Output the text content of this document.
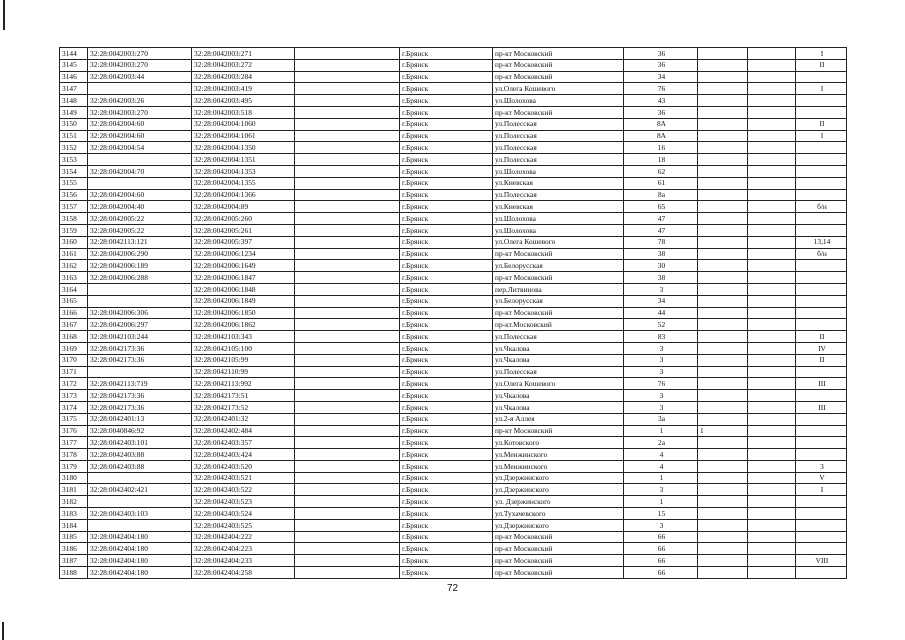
3144	32:28:0042003:270	32:28:0042003:271		г.Брянск	пр-кт Московский	36			I
3145	32:28:0042003:270	32:28:0042003:272		г.Брянск	пр-кт Московский	36			II
3146	32:28:0042003:44	32:28:0042003:284		г.Брянск	пр-кт Московский	34			
3147		32:28:0042003:419		г.Брянск	ул.Олега Кошевого	76			I
3148	32:28:0042003:26	32:28:0042003:495		г.Брянск	ул.Шолохова	43			
3149	32:28:0042003:270	32:28:0042003:518		г.Брянск	пр-кт Московский	36			
3150	32:28:0042004:60	32:28:0042004:1060		г.Брянск	ул.Полесская	8А			II
3151	32:28:0042004:60	32:28:0042004:1061		г.Брянск	ул.Полесская	8А			I
3152	32:28:0042004:54	32:28:0042004:1350		г.Брянск	ул.Полесская	16			
3153		32:28:0042004:1351		г.Брянск	ул.Полесская	18			
3154	32:28:0042004:70	32:28:0042004:1353		г.Брянск	ул.Шолохова	62			
3155		32:28:0042004:1355		г.Брянск	ул.Киевская	61			
3156	32:28:0042004:60	32:28:0042004:1366		г.Брянск	ул.Полесская	8а			
3157	32:28:0042004:40	32:28:0042004:89		г.Брянск	ул.Киевская	65			б/н
3158	32:28:0042005:22	32:28:0042005:260		г.Брянск	ул.Шолохова	47			
3159	32:28:0042005:22	32:28:0042005:261		г.Брянск	ул.Шолохова	47			
3160	32:28:0042113:121	32:28:0042005:397		г.Брянск	ул.Олега Кошевого	78			13,14
3161	32:28:0042006:290	32:28:0042006:1234		г.Брянск	пр-кт Московский	38			б/н
3162	32:28:0042006:189	32:28:0042006:1649		г.Брянск	ул.Белорусская	30			
3163	32:28:0042006:288	32:28:0042006:1847		г.Брянск	пр-кт Московский	38			
3164		32:28:0042006:1848		г.Брянск	пер.Литвинова	3			
3165		32:28:0042006:1849		г.Брянск	ул.Белорусская	34			
3166	32:28:0042006:306	32:28:0042006:1850		г.Брянск	пр-кт Московский	44			
3167	32:28:0042006:297	32:28:0042006:1862		г.Брянск	пр-кт.Московский	52			
3168	32:28:0042103:244	32:28:0042103:343		г.Брянск	ул.Полесская	83			II
3169	32:28:0042173:36	32:28:0042105:100		г.Брянск	ул.Чкалова	3			IV
3170	32:28:0042173:36	32:28:0042105:99		г.Брянск	ул.Чкалова	3			II
3171		32:28:0042110:99		г.Брянск	ул.Полесская	3			
3172	32:28:0042113:719	32:28:0042113:992		г.Брянск	ул.Олега Кошевого	76			III
3173	32:28:0042173:36	32:28:0042173:51		г.Брянск	ул.Чкалова	3			
3174	32:28:0042173:36	32:28:0042173:52		г.Брянск	ул.Чкалова	3			III
3175	32:28:0042401:13	32:28:0042401:32		г.Брянск	ул.2-я Аллея	3а			
3176	32:28:0040846:92	32:28:0042402:484		г.Брянск	пр-кт Московский	1	1		
3177	32:28:0042403:101	32:28:0042403:357		г.Брянск	ул.Котовского	2а			
3178	32:28:0042403:88	32:28:0042403:424		г.Брянск	ул.Менжинского	4			
3179	32:28:0042403:88	32:28:0042403:520		г.Брянск	ул.Менжинского	4			3
3180		32:28:0042403:521		г.Брянск	ул.Дзержинского	1			V
3181	32:28:0042402:421	32:28:0042403:522		г.Брянск	ул.Дзержинского	3			I
3182		32:28:0042403:523		г.Брянск	ул. Дзержинского	1			
3183	32:28:0042403:103	32:28:0042403:524		г.Брянск	ул.Тухачевского	15			
3184		32:28:0042403:525		г.Брянск	ул.Дзержинского	3			
3185	32:28:0042404:180	32:28:0042404:222		г.Брянск	пр-кт Московский	66			
3186	32:28:0042404:180	32:28:0042404:223		г.Брянск	пр-кт Московский	66			
3187	32:28:0042404:180	32:28:0042404:233		г.Брянск	пр-кт Московский	66			VIII
3188	32:28:0042404:180	32:28:0042404:258		г.Брянск	пр-кт Московский	66			
72
